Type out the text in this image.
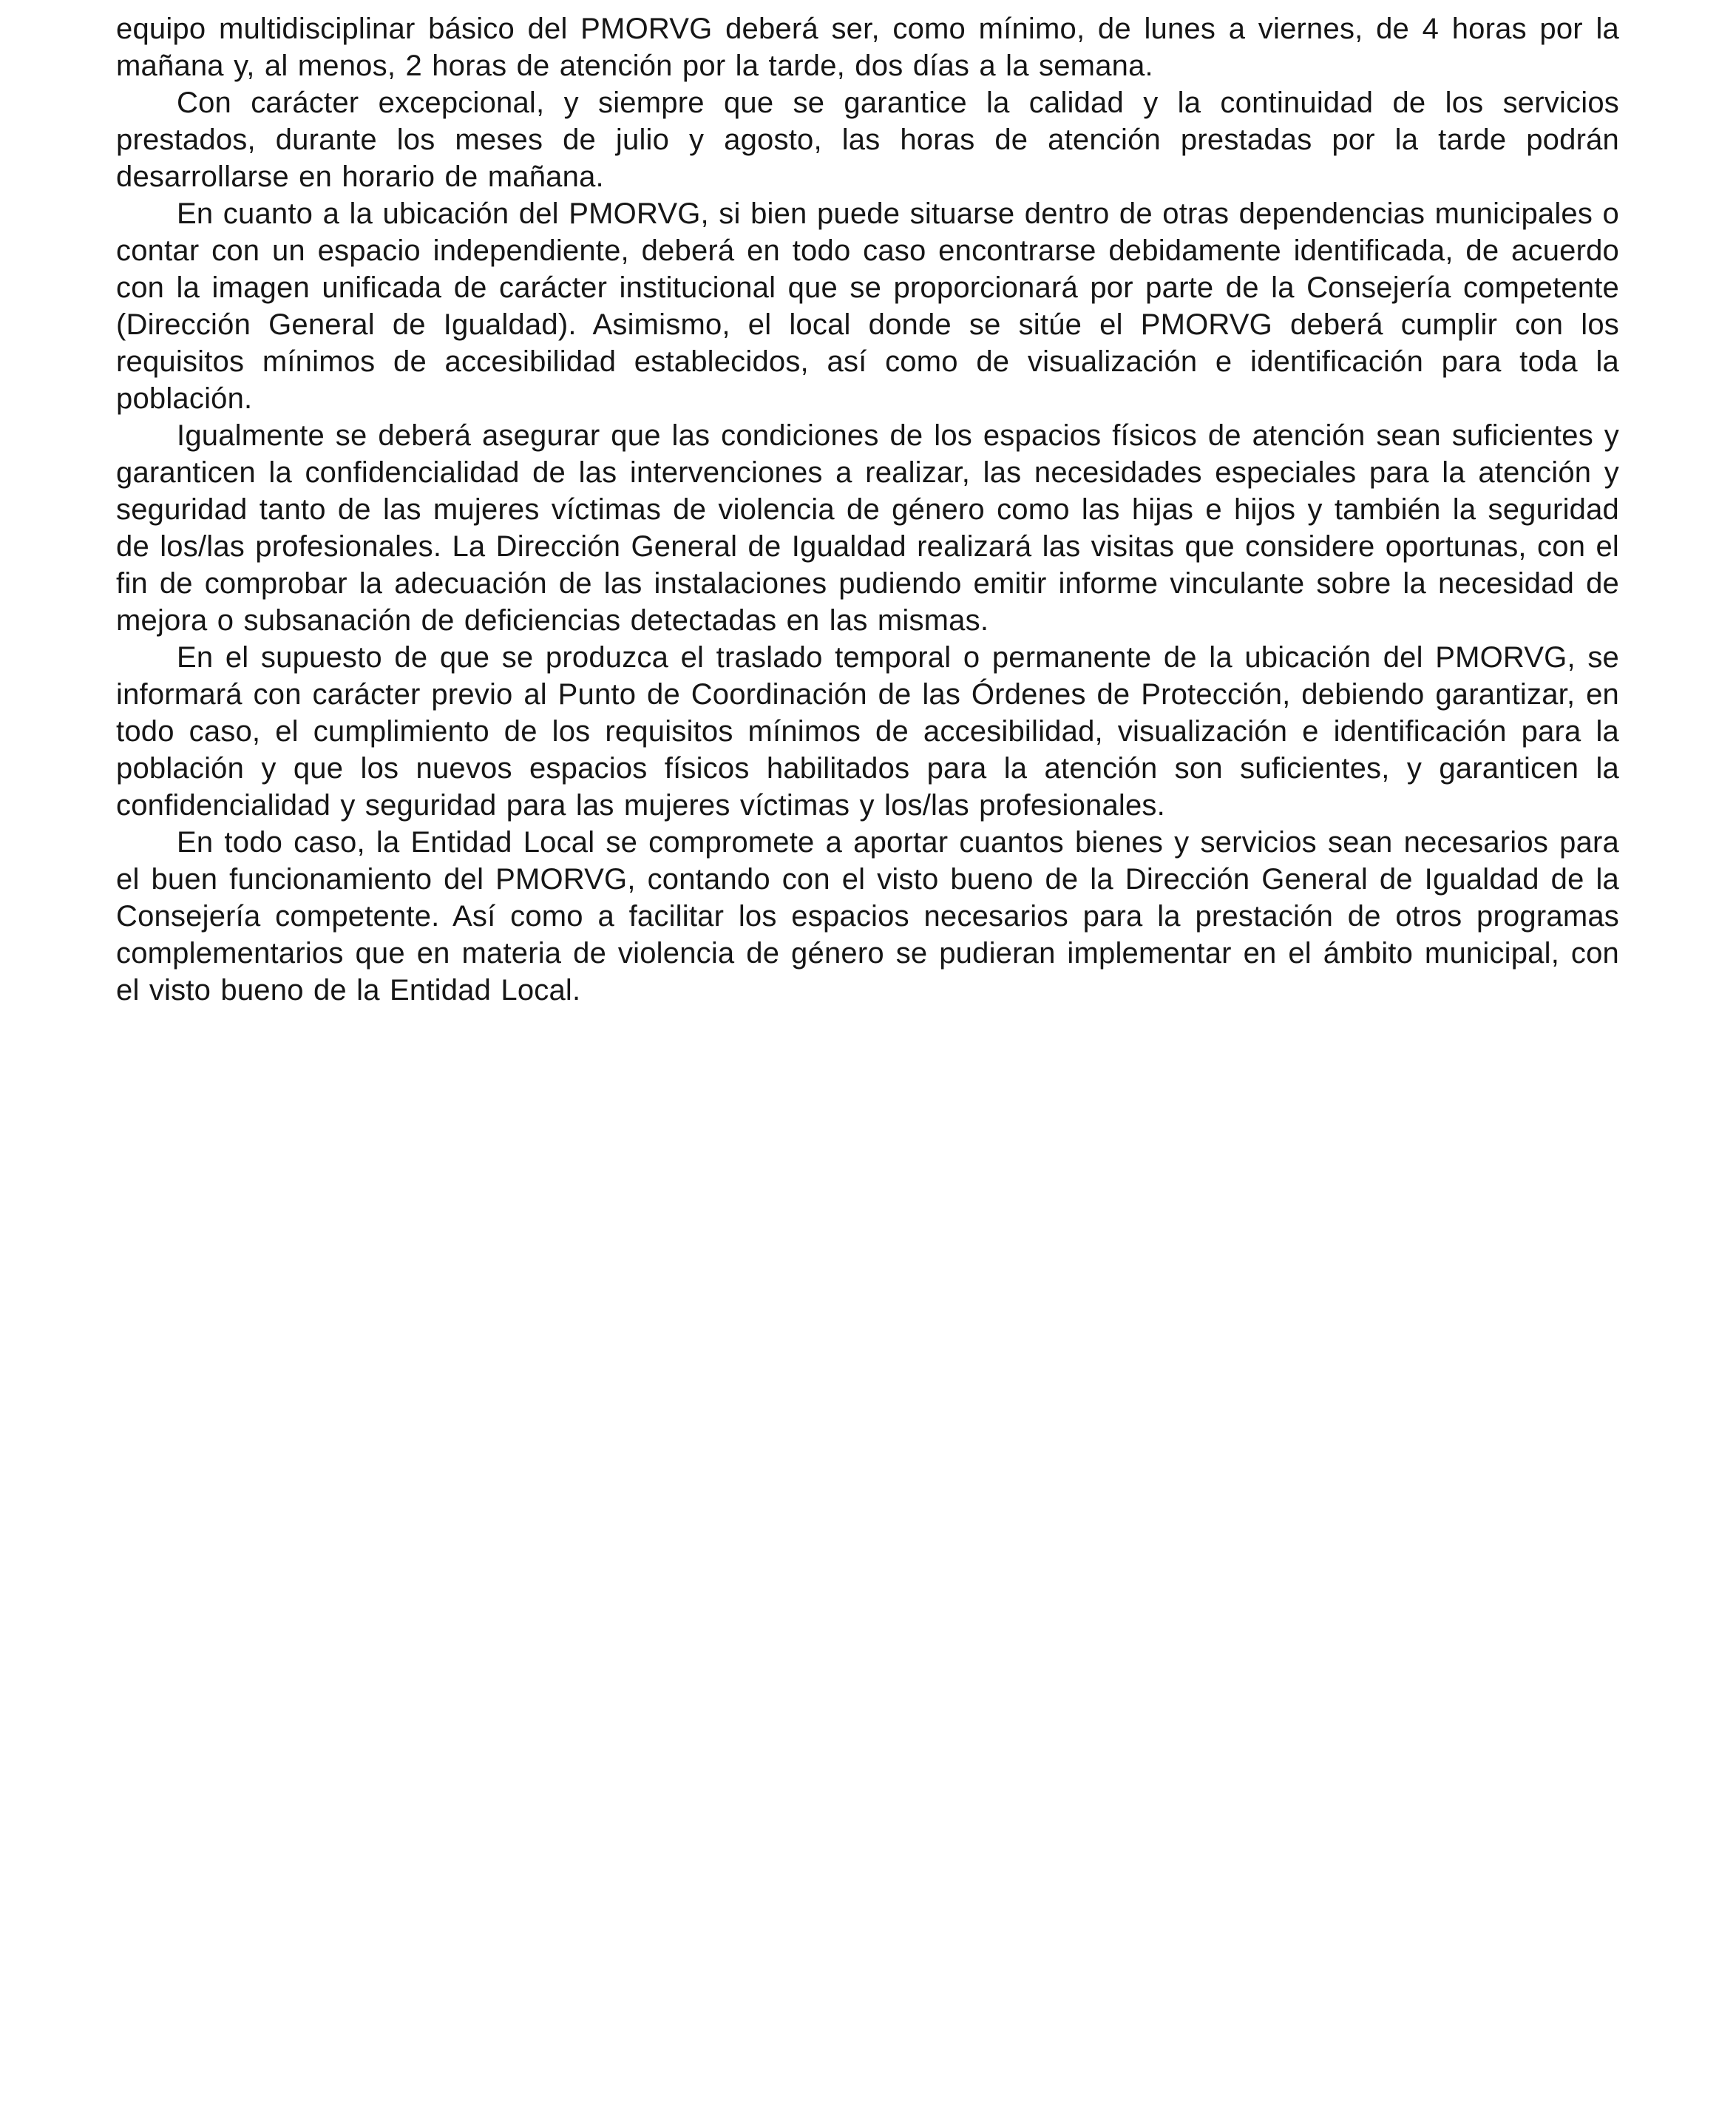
equipo multidisciplinar básico del PMORVG deberá ser, como mínimo, de lunes a viernes, de 4 horas por la mañana y, al menos, 2 horas de atención por la tarde, dos días a la semana.

Con carácter excepcional, y siempre que se garantice la calidad y la continuidad de los servicios prestados, durante los meses de julio y agosto, las horas de atención prestadas por la tarde podrán desarrollarse en horario de mañana.

En cuanto a la ubicación del PMORVG, si bien puede situarse dentro de otras dependencias municipales o contar con un espacio independiente, deberá en todo caso encontrarse debidamente identificada, de acuerdo con la imagen unificada de carácter institucional que se proporcionará por parte de la Consejería competente (Dirección General de Igualdad). Asimismo, el local donde se sitúe el PMORVG deberá cumplir con los requisitos mínimos de accesibilidad establecidos, así como de visualización e identificación para toda la población.

Igualmente se deberá asegurar que las condiciones de los espacios físicos de atención sean suficientes y garanticen la confidencialidad de las intervenciones a realizar, las necesidades especiales para la atención y seguridad tanto de las mujeres víctimas de violencia de género como las hijas e hijos y también la seguridad de los/las profesionales. La Dirección General de Igualdad realizará las visitas que considere oportunas, con el fin de comprobar la adecuación de las instalaciones pudiendo emitir informe vinculante sobre la necesidad de mejora o subsanación de deficiencias detectadas en las mismas.

En el supuesto de que se produzca el traslado temporal o permanente de la ubicación del PMORVG, se informará con carácter previo al Punto de Coordinación de las Órdenes de Protección, debiendo garantizar, en todo caso, el cumplimiento de los requisitos mínimos de accesibilidad, visualización e identificación para la población y que los nuevos espacios físicos habilitados para la atención son suficientes, y garanticen la confidencialidad y seguridad para las mujeres víctimas y los/las profesionales.

En todo caso, la Entidad Local se compromete a aportar cuantos bienes y servicios sean necesarios para el buen funcionamiento del PMORVG, contando con el visto bueno de la Dirección General de Igualdad de la Consejería competente. Así como a facilitar los espacios necesarios para la prestación de otros programas complementarios que en materia de violencia de género se pudieran implementar en el ámbito municipal, con el visto bueno de la Entidad Local.
